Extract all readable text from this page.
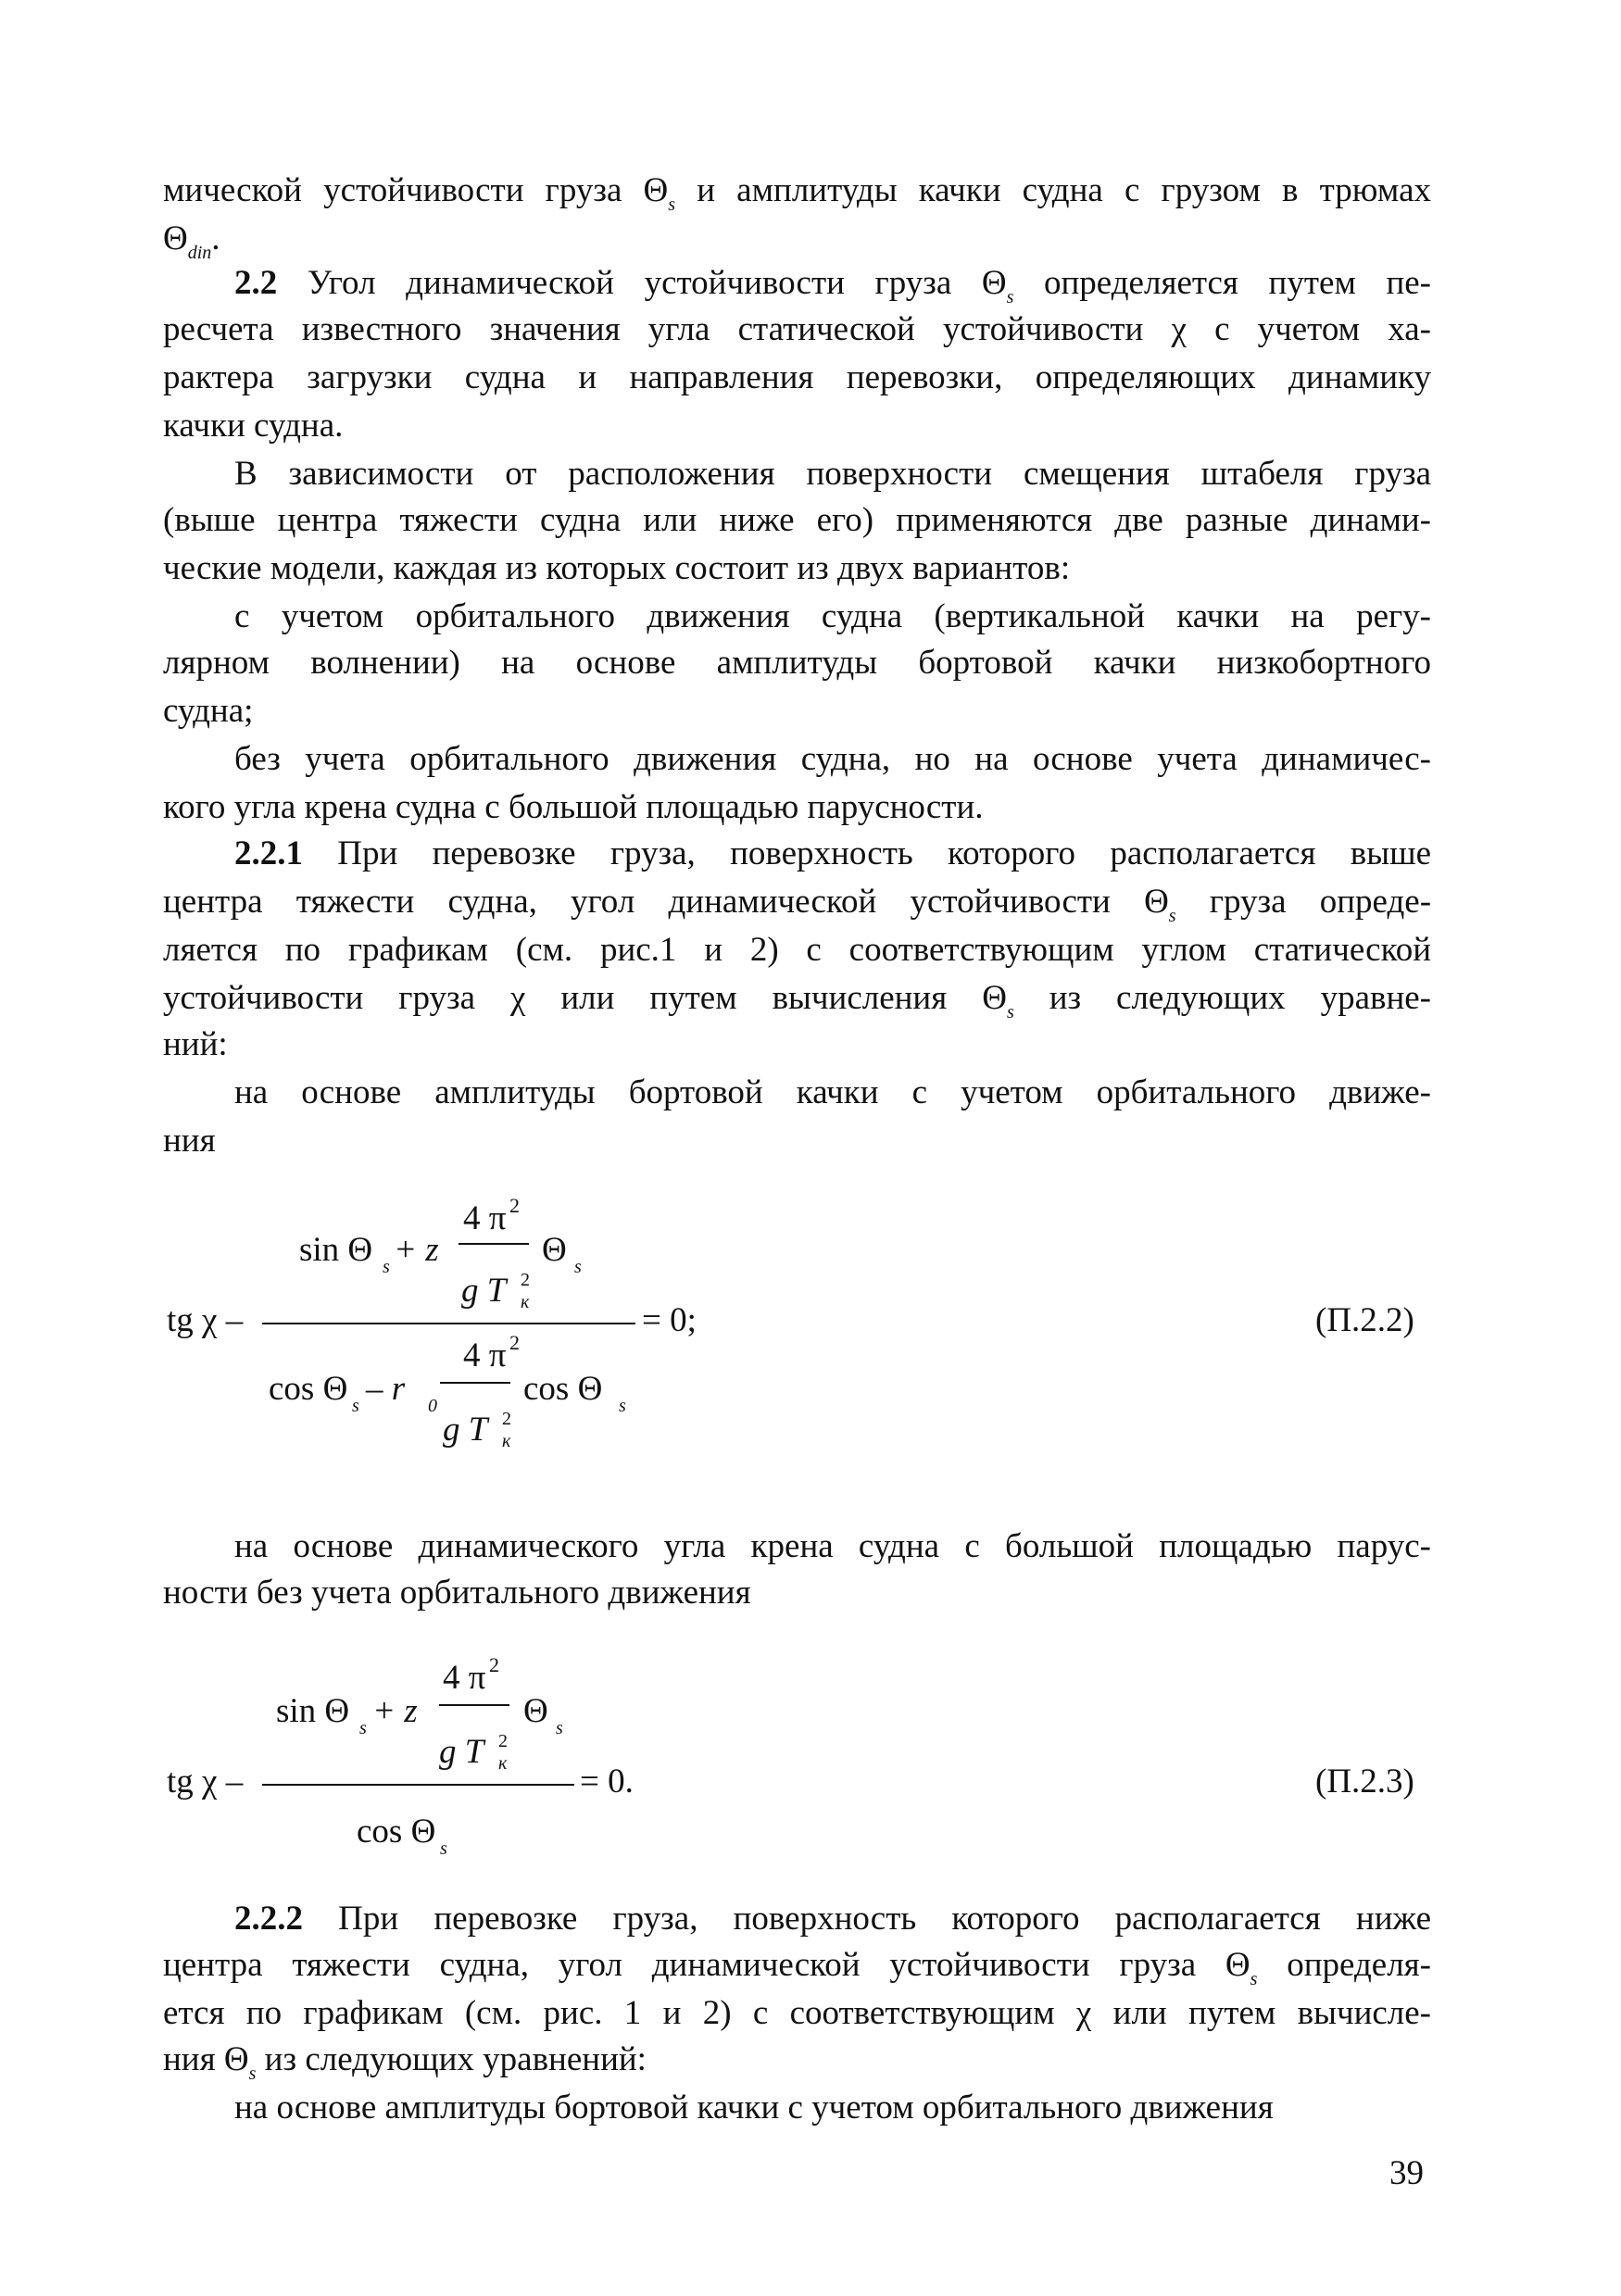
мической устойчивости груза $\Theta_s$ и амплитуды качки судна с грузом в трюмах
$\Theta_{din}$.
2.2 Угол динамической устойчивости груза $\Theta_s$ определяется путем пе-
ресчета известного значения угла статической устойчивости χ с учетом ха-
рактера загрузки судна и направления перевозки, определяющих динамику
качки судна.
В зависимости от расположения поверхности смещения штабеля груза
(выше центра тяжести судна или ниже его) применяются две разные динами-
ческие модели, каждая из которых состоит из двух вариантов:
с учетом орбитального движения судна (вертикальной качки на регу-
лярном волнении) на основе амплитуды бортовой качки низкобортного
судна;
без учета орбитального движения судна, но на основе учета динамичес-
кого угла крена судна с большой площадью парусности.
2.2.1 При перевозке груза, поверхность которого располагается выше
центра тяжести судна, угол динамической устойчивости $\Theta_s$ груза опреде-
ляется по графикам (см. рис.1 и 2) с соответствующим углом статической
устойчивости груза χ или путем вычисления $\Theta_s$ из следующих уравне-
ний:
на основе амплитуды бортовой качки с учетом орбитального движе-
ния
4 π 2
sin Θ s + z	Θ s
g T 2
к
tg χ –	= 0;	(П.2.2)
4 π 2
cos Θ s – r 0	cos Θ s
g T 2
к
на основе динамического угла крена судна с большой площадью парус-
ности без учета орбитального движения
4 π 2
sin Θ s + z	Θ s
g T 2
к
tg χ –	= 0.	(П.2.3)
cos Θ s
2.2.2 При перевозке груза, поверхность которого располагается ниже
центра тяжести судна, угол динамической устойчивости груза $\Theta_s$ определя-
ется по графикам (см. рис. 1 и 2) с соответствующим χ или путем вычисле-
ния $\Theta_s$ из следующих уравнений:
на основе амплитуды бортовой качки с учетом орбитального движения
39
